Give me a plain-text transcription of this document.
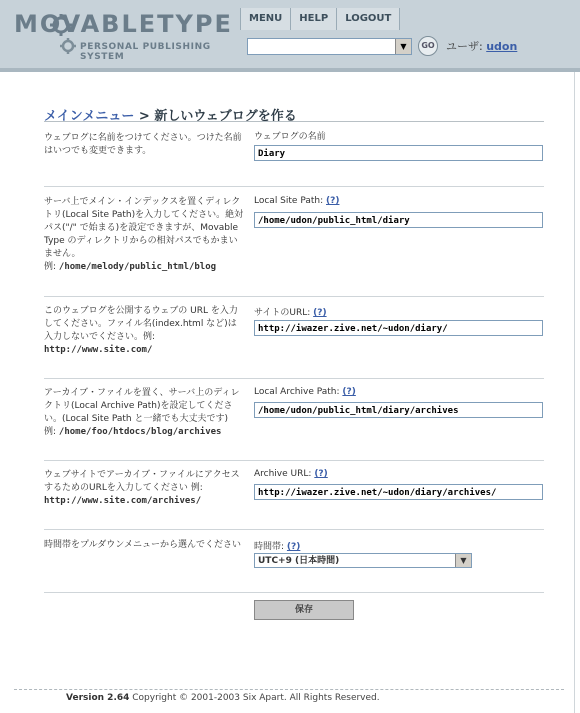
MOVABLETYPE
PERSONAL PUBLISHING SYSTEM
MENU	HELP	LOGOUT
▼	GO	ユーザ: udon
メインメニュー > 新しいウェブログを作る
ウェブログに名前をつけてください。つけた名前はいつでも変更できます。
ウェブログの名前
Diary
サーバ上でメイン・インデックスを置くディレクトリ(Local Site Path)を入力してください。絶対パス("/" で始まる)を設定できますが、Movable Type のディレクトリからの相対パスでもかまいません。
例: /home/melody/public_html/blog
Local Site Path: (?)
/home/udon/public_html/diary
このウェブログを公開するウェブの URL を入力してください。ファイル名(index.html など)は入力しないでください。例:
http://www.site.com/
サイトのURL: (?)
http://iwazer.zive.net/~udon/diary/
アーカイブ・ファイルを置く、サーバ上のディレクトリ(Local Archive Path)を設定してください。(Local Site Path と一緒でも大丈夫です)
例: /home/foo/htdocs/blog/archives
Local Archive Path: (?)
/home/udon/public_html/diary/archives
ウェブサイトでアーカイブ・ファイルにアクセスするためのURLを入力してください 例:
http://www.site.com/archives/
Archive URL: (?)
http://iwazer.zive.net/~udon/diary/archives/
時間帯をプルダウンメニューから選んでください	時間帯: (?)
UTC+9 (日本時間)	▼
保存
Version 2.64 Copyright © 2001-2003 Six Apart. All Rights Reserved.
